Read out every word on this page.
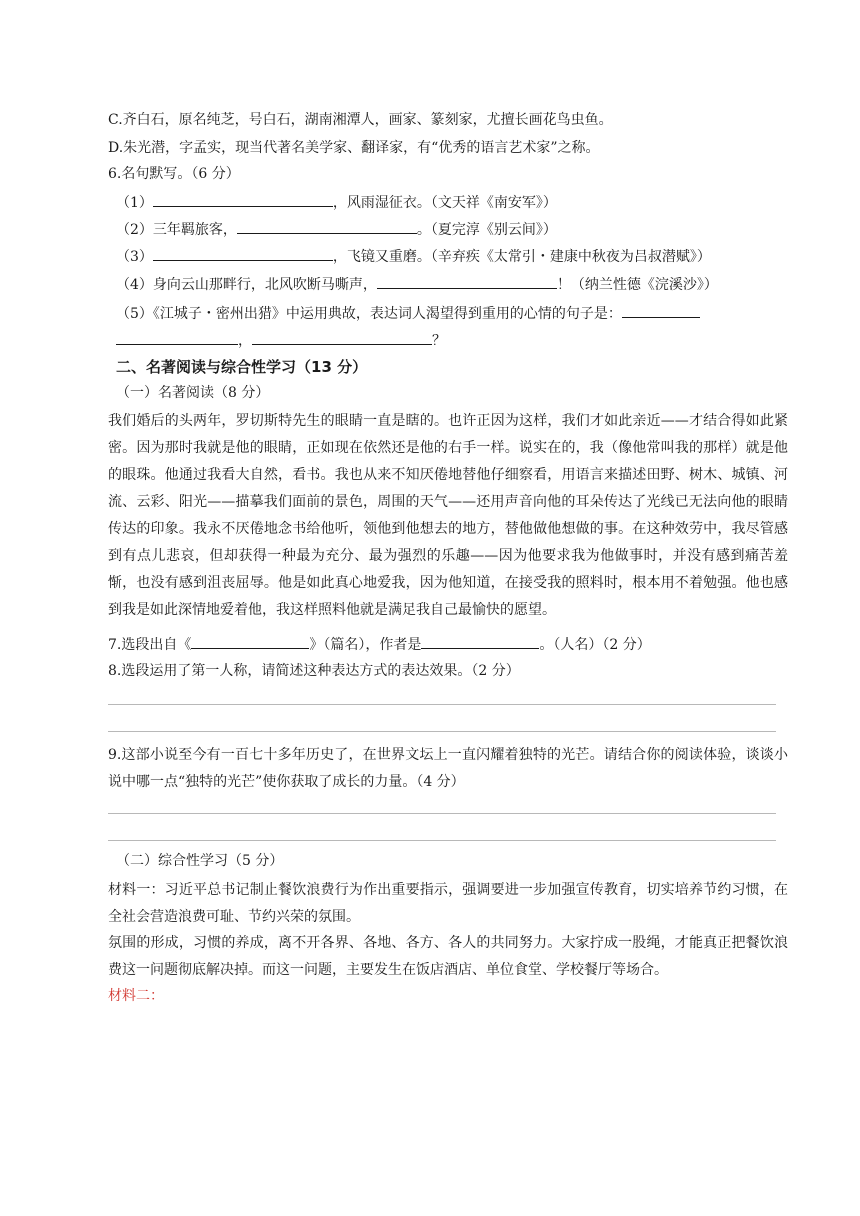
C.齐白石，原名纯芝，号白石，湖南湘潭人，画家、篆刻家，尤擅长画花鸟虫鱼。
D.朱光潜，字孟实，现当代著名美学家、翻译家，有“优秀的语言艺术家”之称。
6.名句默写。（6 分）
（1）	，风雨湿征衣。（文天祥《南安军》）
（2）三年羁旅客，	。（夏完淳《别云间》）
（3）	，飞镜又重磨。（辛弃疾《太常引・建康中秋夜为吕叔潜赋》）
（4）身向云山那畔行，北风吹断马嘶声，	！（纳兰性德《浣溪沙》）
（5）《江城子・密州出猎》中运用典故，表达词人渴望得到重用的心情的句子是：
，	？
二、名著阅读与综合性学习（13 分）
（一）名著阅读（8 分）
我们婚后的头两年，罗切斯特先生的眼睛一直是瞎的。也许正因为这样，我们才如此亲近——才结合得如此紧密。因为那时我就是他的眼睛，正如现在依然还是他的右手一样。说实在的，我（像他常叫我的那样）就是他的眼珠。他通过我看大自然，看书。我也从来不知厌倦地替他仔细察看，用语言来描述田野、树木、城镇、河流、云彩、阳光——描摹我们面前的景色，周围的天气——还用声音向他的耳朵传达了光线已无法向他的眼睛传达的印象。我永不厌倦地念书给他听，领他到他想去的地方，替他做他想做的事。在这种效劳中，我尽管感到有点儿悲哀，但却获得一种最为充分、最为强烈的乐趣——因为他要求我为他做事时，并没有感到痛苦羞惭，也没有感到沮丧屈辱。他是如此真心地爱我，因为他知道，在接受我的照料时，根本用不着勉强。他也感到我是如此深情地爱着他，我这样照料他就是满足我自己最愉快的愿望。
7.选段出自《	》（篇名），作者是	。（人名）（2 分）
8.选段运用了第一人称，请简述这种表达方式的表达效果。（2 分）
9.这部小说至今有一百七十多年历史了，在世界文坛上一直闪耀着独特的光芒。请结合你的阅读体验，谈谈小说中哪一点“独特的光芒”使你获取了成长的力量。（4 分）
（二）综合性学习（5 分）
材料一：习近平总书记制止餐饮浪费行为作出重要指示，强调要进一步加强宣传教育，切实培养节约习惯，在全社会营造浪费可耻、节约兴荣的氛围。
氛围的形成，习惯的养成，离不开各界、各地、各方、各人的共同努力。大家拧成一股绳，才能真正把餐饮浪费这一问题彻底解决掉。而这一问题，主要发生在饭店酒店、单位食堂、学校餐厅等场合。
材料二：
